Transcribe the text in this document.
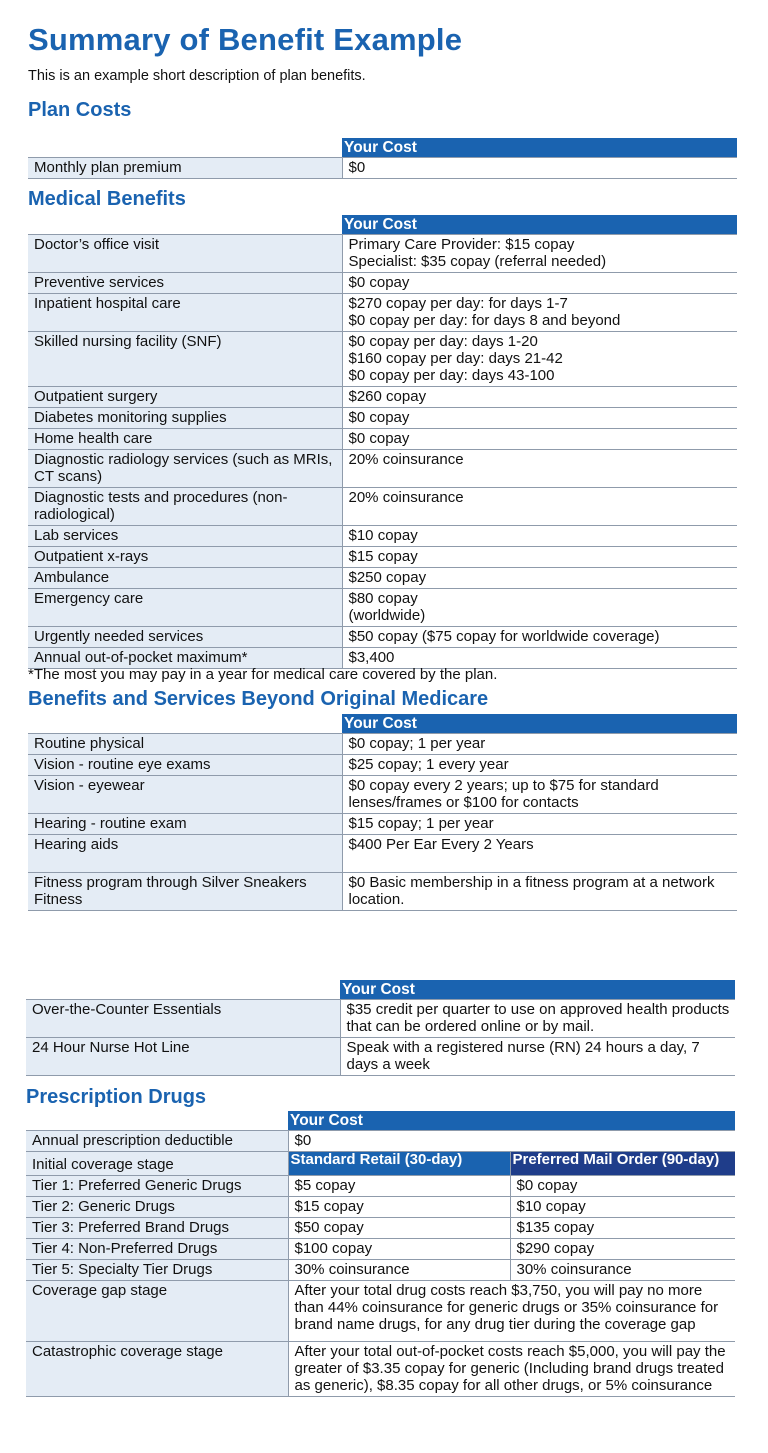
Summary of Benefit Example

This is an example short description of plan benefits.

Plan Costs
	Your Cost
Monthly plan premium	$0
Medical Benefits
	Your Cost
Doctor’s office visit	Primary Care Provider: $15 copay
Specialist: $35 copay (referral needed)

Preventive services	$0 copay

Inpatient hospital care	$270 copay per day: for days 1-7
$0 copay per day: for days 8 and beyond

Skilled nursing facility (SNF)	$0 copay per day: days 1-20
$160 copay per day: days 21-42
$0 copay per day: days 43-100

Outpatient surgery	$260 copay

Diabetes monitoring supplies	$0 copay

Home health care	$0 copay

Diagnostic radiology services (such as MRIs, CT scans)	20% coinsurance

Diagnostic tests and procedures (non-radiological)	20% coinsurance

Lab services	$10 copay

Outpatient x-rays	$15 copay

Ambulance	$250 copay

Emergency care	$80 copay
(worldwide)

Urgently needed services	$50 copay ($75 copay for worldwide coverage)

Annual out-of-pocket maximum*	$3,400

*The most you may pay in a year for medical care covered by the plan.

Benefits and Services Beyond Original Medicare
	Your Cost
Routine physical	$0 copay; 1 per year

Vision - routine eye exams	$25 copay; 1 every year

Vision - eyewear	$0 copay every 2 years; up to $75 for standard lenses/frames or $100 for contacts

Hearing - routine exam	$15 copay; 1 per year

Hearing aids	$400 Per Ear Every 2 Years

Fitness program through Silver Sneakers Fitness	$0 Basic membership in a fitness program at a network location.
	Your Cost
Over-the-Counter Essentials	$35 credit per quarter to use on approved health products that can be ordered online or by mail.

24 Hour Nurse Hot Line	Speak with a registered nurse (RN) 24 hours a day, 7 days a week
Prescription Drugs
	Your Cost	
Annual prescription deductible	$0	
Initial coverage stage	Standard Retail (30-day)	Preferred Mail Order (90-day)
Tier 1: Preferred Generic Drugs	$5 copay	$0 copay
Tier 2: Generic Drugs	$15 copay	$10 copay
Tier 3: Preferred Brand Drugs	$50 copay	$135 copay
Tier 4: Non-Preferred Drugs	$100 copay	$290 copay
Tier 5: Specialty Tier Drugs	30% coinsurance	30% coinsurance
Coverage gap stage	After your total drug costs reach $3,750, you will pay no more than 44% coinsurance for generic drugs or 35% coinsurance for brand name drugs, for any drug tier during the coverage gap	
Catastrophic coverage stage	After your total out-of-pocket costs reach $5,000, you will pay the greater of $3.35 copay for generic (Including brand drugs treated as generic), $8.35 copay for all other drugs, or 5% coinsurance	
